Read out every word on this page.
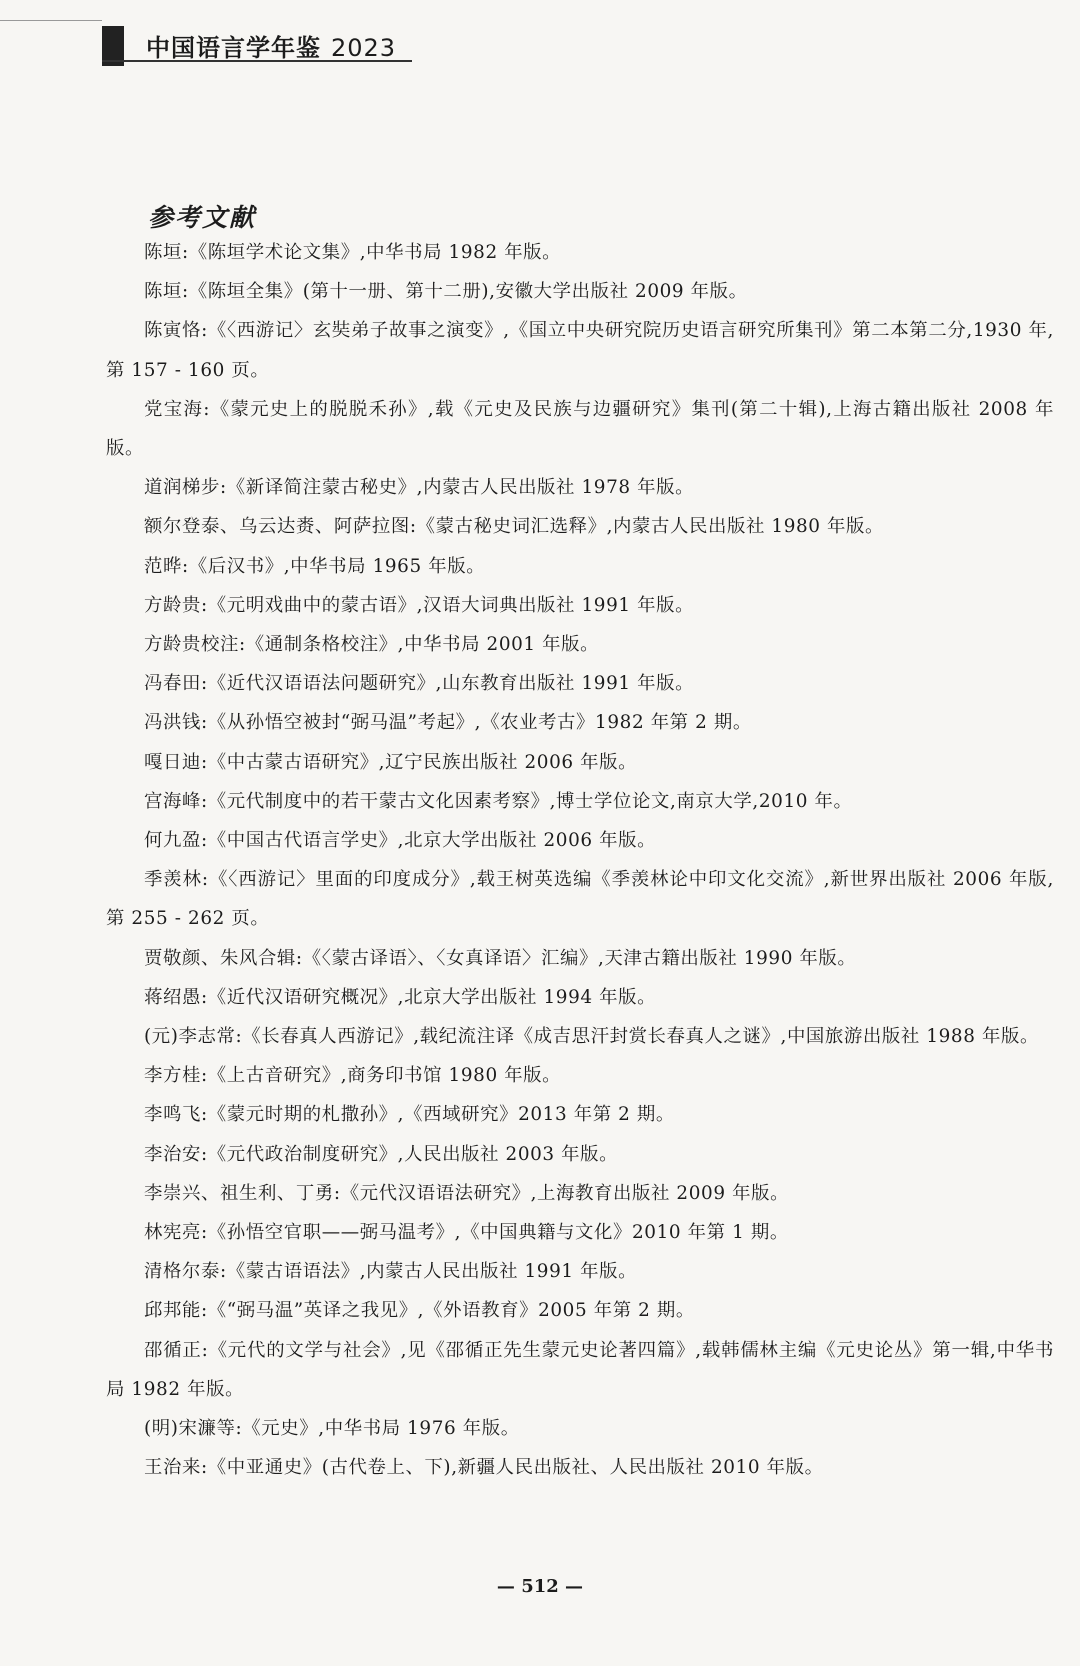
中国语言学年鉴 2023
参考文献
陈垣:《陈垣学术论文集》,中华书局 1982 年版。
陈垣:《陈垣全集》(第十一册、第十二册),安徽大学出版社 2009 年版。
陈寅恪:《〈西游记〉玄奘弟子故事之演变》,《国立中央研究院历史语言研究所集刊》第二本第二分,1930 年,第 157 - 160 页。
党宝海:《蒙元史上的脱脱禾孙》,载《元史及民族与边疆研究》集刊(第二十辑),上海古籍出版社 2008 年版。
道润梯步:《新译简注蒙古秘史》,内蒙古人民出版社 1978 年版。
额尔登泰、乌云达赉、阿萨拉图:《蒙古秘史词汇选释》,内蒙古人民出版社 1980 年版。
范晔:《后汉书》,中华书局 1965 年版。
方龄贵:《元明戏曲中的蒙古语》,汉语大词典出版社 1991 年版。
方龄贵校注:《通制条格校注》,中华书局 2001 年版。
冯春田:《近代汉语语法问题研究》,山东教育出版社 1991 年版。
冯洪钱:《从孙悟空被封“弼马温”考起》,《农业考古》1982 年第 2 期。
嘎日迪:《中古蒙古语研究》,辽宁民族出版社 2006 年版。
宫海峰:《元代制度中的若干蒙古文化因素考察》,博士学位论文,南京大学,2010 年。
何九盈:《中国古代语言学史》,北京大学出版社 2006 年版。
季羡林:《〈西游记〉里面的印度成分》,载王树英选编《季羡林论中印文化交流》,新世界出版社 2006 年版,第 255 - 262 页。
贾敬颜、朱风合辑:《〈蒙古译语〉、〈女真译语〉汇编》,天津古籍出版社 1990 年版。
蒋绍愚:《近代汉语研究概况》,北京大学出版社 1994 年版。
(元)李志常:《长春真人西游记》,载纪流注译《成吉思汗封赏长春真人之谜》,中国旅游出版社 1988 年版。
李方桂:《上古音研究》,商务印书馆 1980 年版。
李鸣飞:《蒙元时期的札撒孙》,《西域研究》2013 年第 2 期。
李治安:《元代政治制度研究》,人民出版社 2003 年版。
李崇兴、祖生利、丁勇:《元代汉语语法研究》,上海教育出版社 2009 年版。
林宪亮:《孙悟空官职——弼马温考》,《中国典籍与文化》2010 年第 1 期。
清格尔泰:《蒙古语语法》,内蒙古人民出版社 1991 年版。
邱邦能:《“弼马温”英译之我见》,《外语教育》2005 年第 2 期。
邵循正:《元代的文学与社会》,见《邵循正先生蒙元史论著四篇》,载韩儒林主编《元史论丛》第一辑,中华书局 1982 年版。
(明)宋濂等:《元史》,中华书局 1976 年版。
王治来:《中亚通史》(古代卷上、下),新疆人民出版社、人民出版社 2010 年版。
— 512 —
